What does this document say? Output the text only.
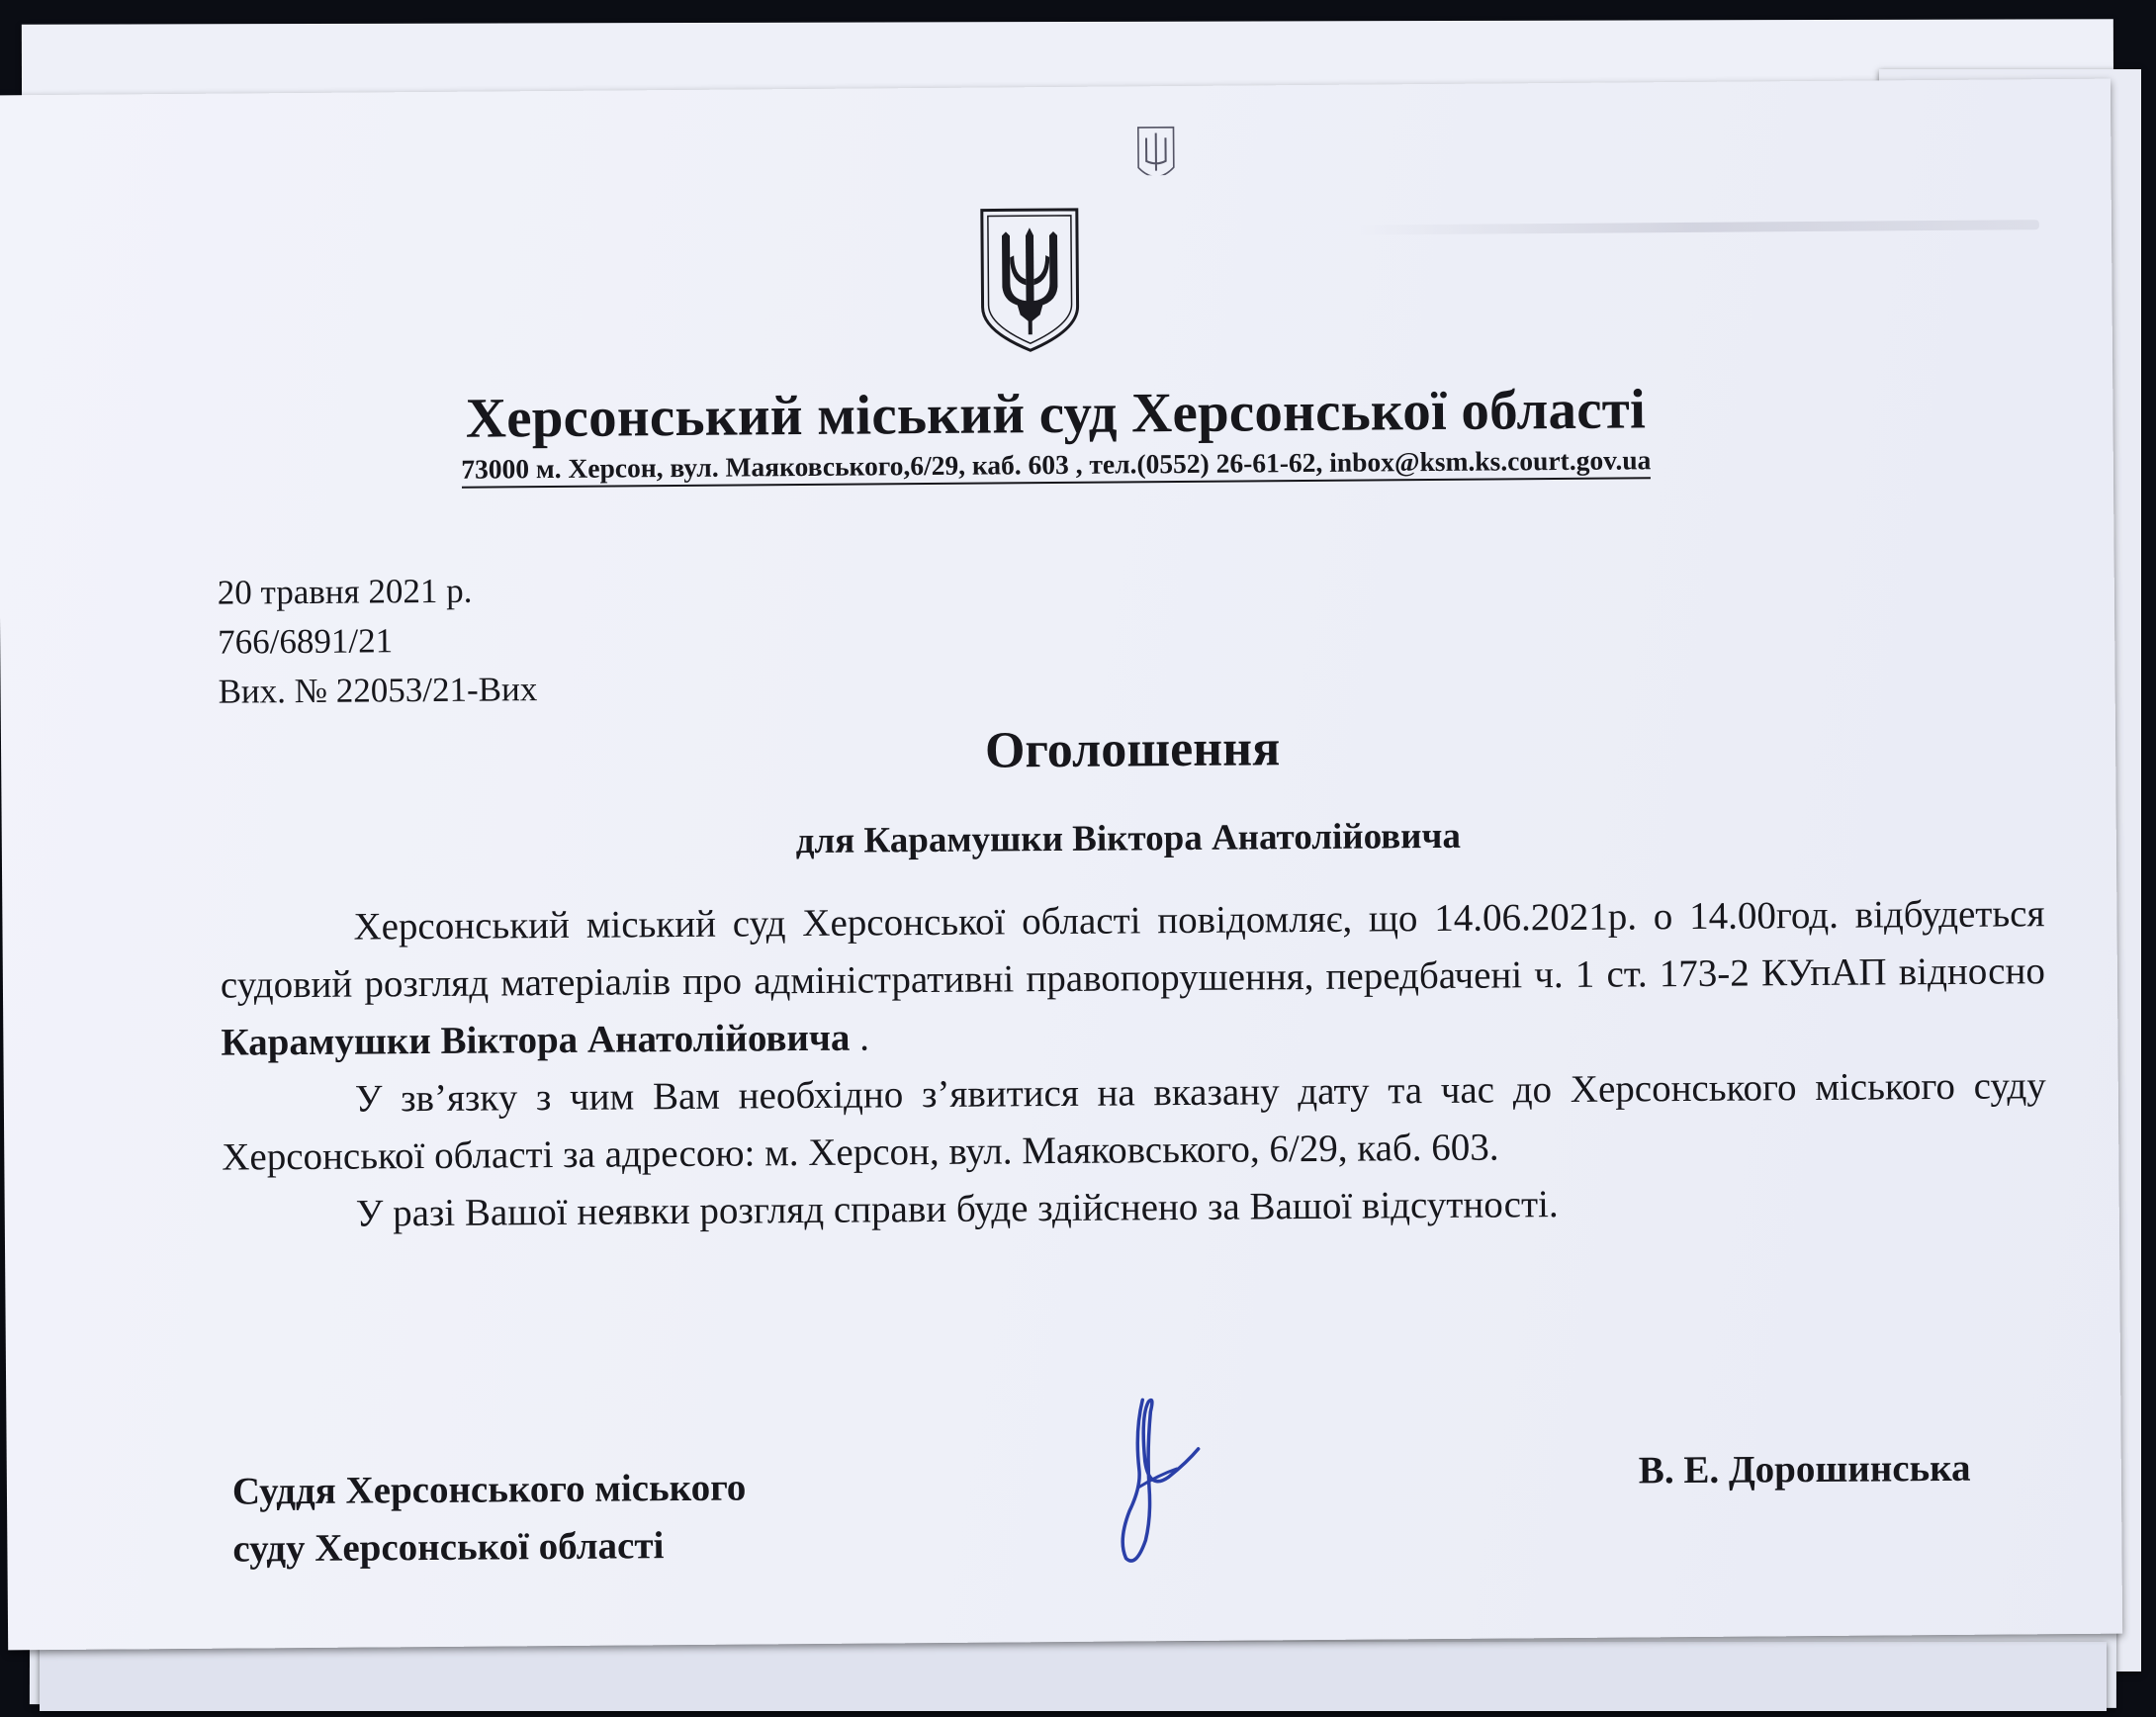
Херсонський міський суд Херсонської області
73000 м. Херсон, вул. Маяковського,6/29, каб. 603 , тел.(0552) 26-61-62, inbox@ksm.ks.court.gov.ua
20 травня 2021 р.
766/6891/21
Вих. № 22053/21-Вих
Оголошення
для Карамушки Віктора Анатолійовича

Херсонський міський суд Херсонської області повідомляє, що 14.06.2021р. о 14.00год. відбудеться судовий розгляд матеріалів про адміністративні правопорушення, передбачені ч. 1 ст. 173-2 КУпАП відносно Карамушки Віктора Анатолійовича .

У зв’язку з чим Вам необхідно з’явитися на вказану дату та час до Херсонського міського суду Херсонської області за адресою: м. Херсон, вул. Маяковського, 6/29, каб. 603.

У разі Вашої неявки розгляд справи буде здійснено за Вашої відсутності.

Суддя Херсонського міського
суду Херсонської області
В. Е. Дорошинська
